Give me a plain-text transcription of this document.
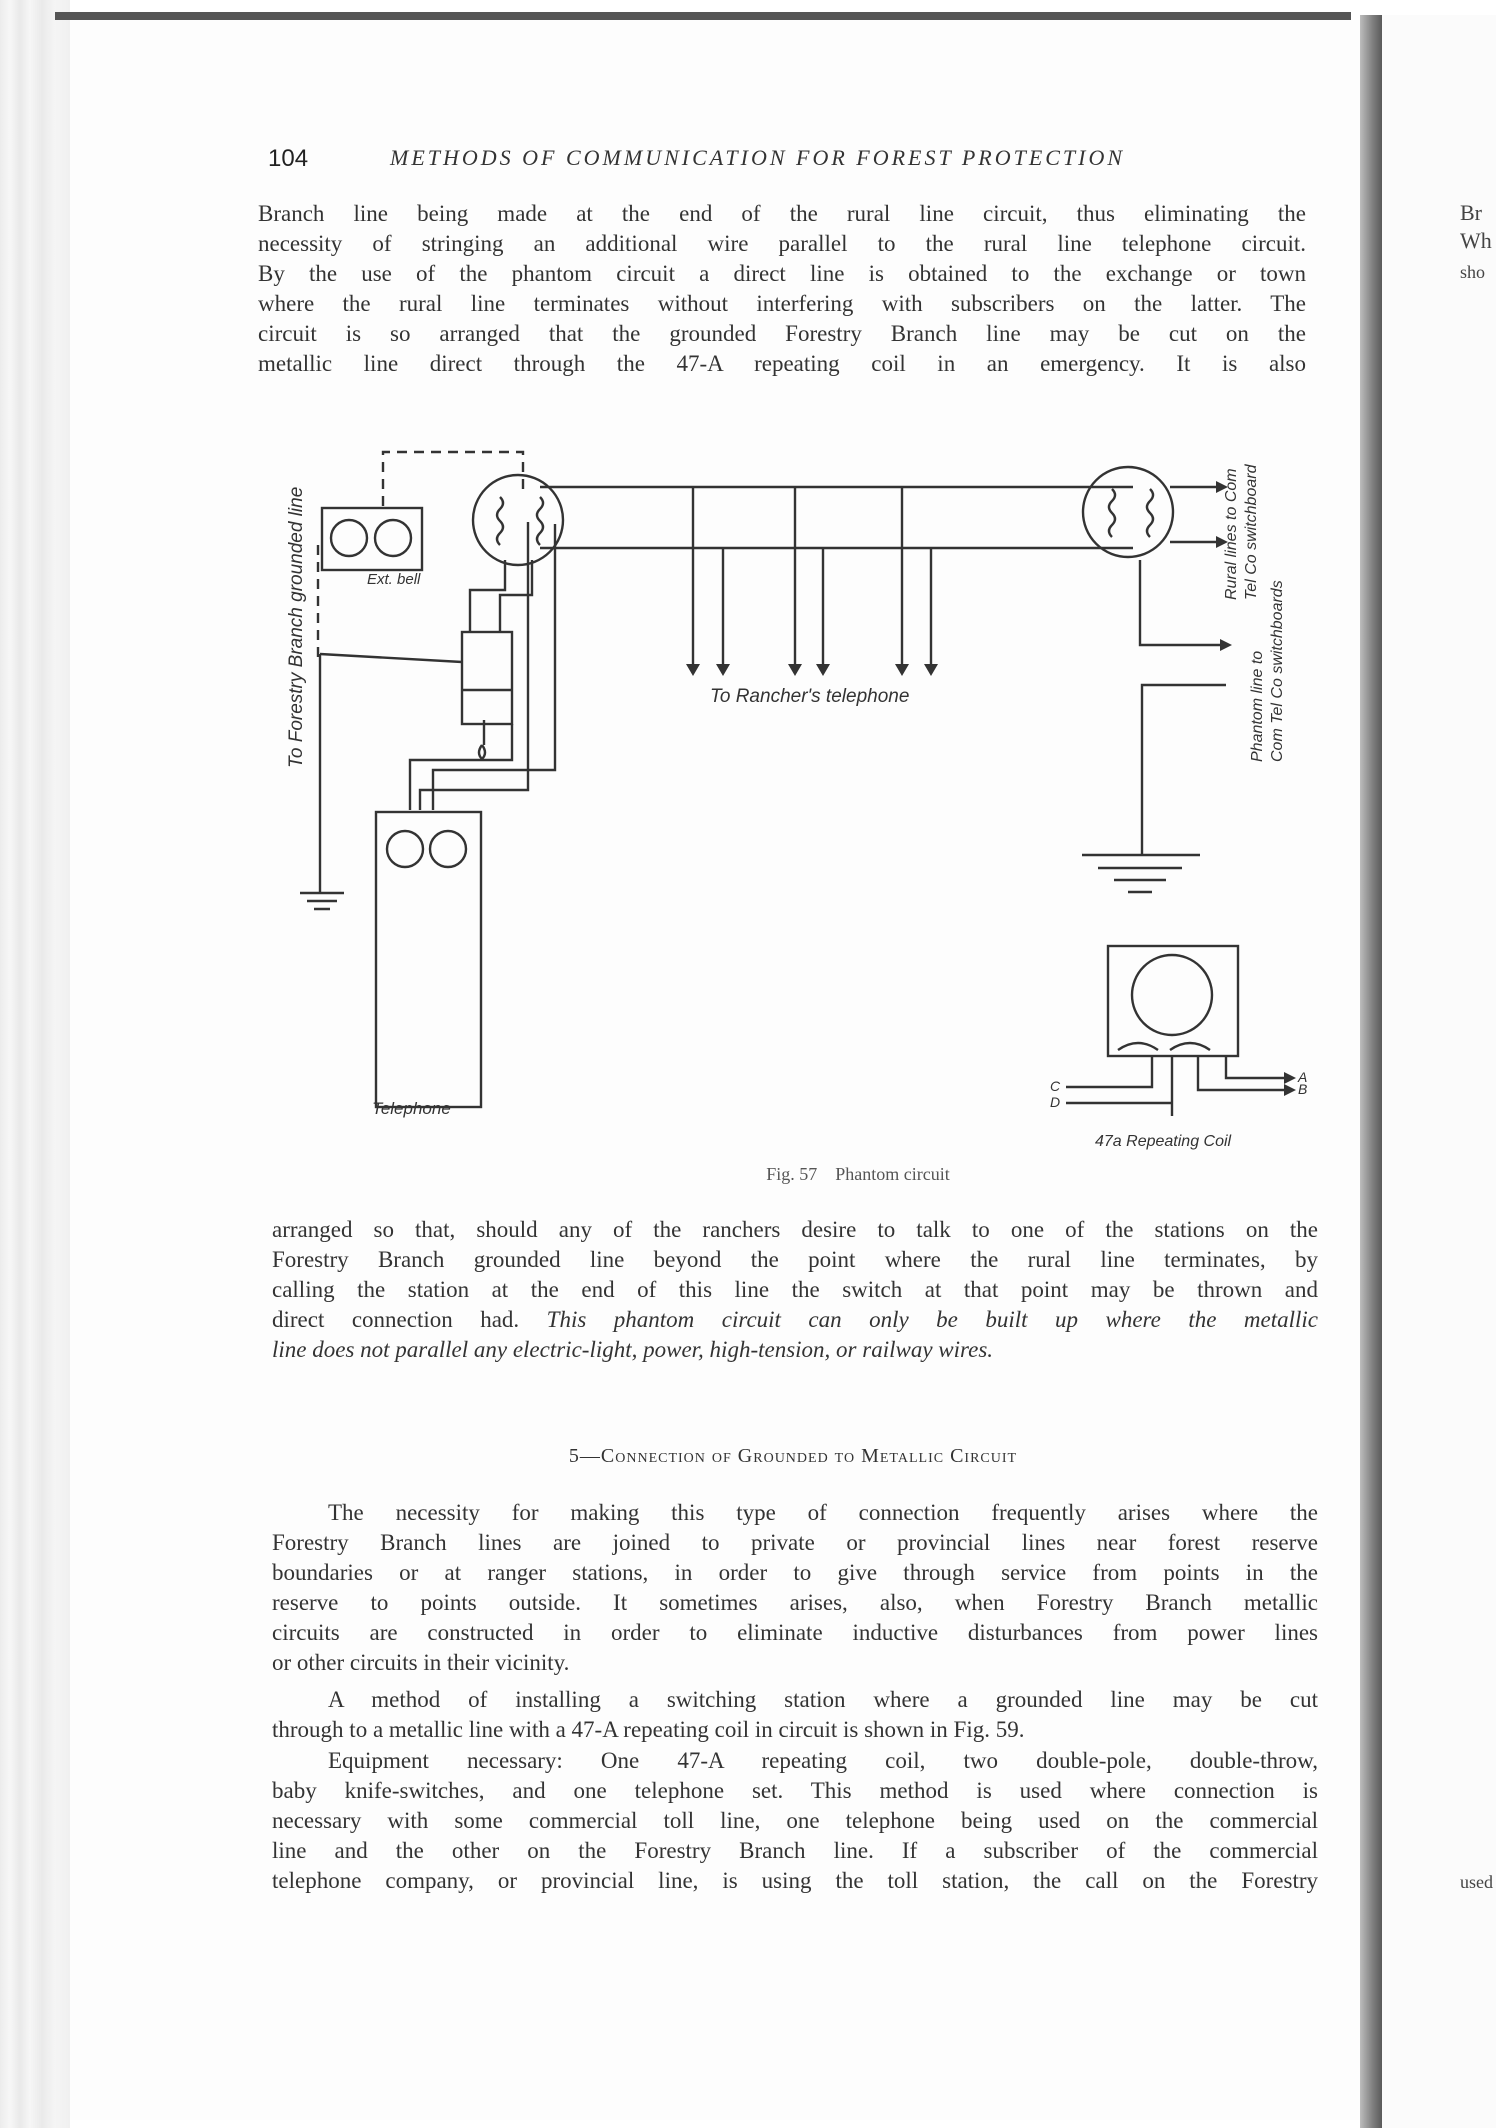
Br
Wh
sho
used
104	METHODS OF COMMUNICATION FOR FOREST PROTECTION
Branch line being made at the end of the rural line circuit, thus eliminating the
necessity of stringing an additional wire parallel to the rural line telephone circuit.
By the use of the phantom circuit a direct line is obtained to the exchange or town
where the rural line terminates without interfering with subscribers on the latter. The
circuit is so arranged that the grounded Forestry Branch line may be cut on the
metallic line direct through the 47-A repeating coil in an emergency. It is also
To Forestry Branch grounded line	Ext. bell
To Rancher's telephone
Telephone
Rural lines to Com Tel Co switchboard
Phantom line to Com Tel Co switchboards
47a Repeating Coil
C
D
A
B
Fig. 57 Phantom circuit
arranged so that, should any of the ranchers desire to talk to one of the stations on the
Forestry Branch grounded line beyond the point where the rural line terminates, by
calling the station at the end of this line the switch at that point may be thrown and
direct connection had. This phantom circuit can only be built up where the metallic
line does not parallel any electric-light, power, high-tension, or railway wires.
5—Connection of Grounded to Metallic Circuit
The necessity for making this type of connection frequently arises where the
Forestry Branch lines are joined to private or provincial lines near forest reserve
boundaries or at ranger stations, in order to give through service from points in the
reserve to points outside. It sometimes arises, also, when Forestry Branch metallic
circuits are constructed in order to eliminate inductive disturbances from power lines
or other circuits in their vicinity.
A method of installing a switching station where a grounded line may be cut
through to a metallic line with a 47-A repeating coil in circuit is shown in Fig. 59.
Equipment necessary: One 47-A repeating coil, two double-pole, double-throw,
baby knife-switches, and one telephone set. This method is used where connection is
necessary with some commercial toll line, one telephone being used on the commercial
line and the other on the Forestry Branch line. If a subscriber of the commercial
telephone company, or provincial line, is using the toll station, the call on the Forestry
